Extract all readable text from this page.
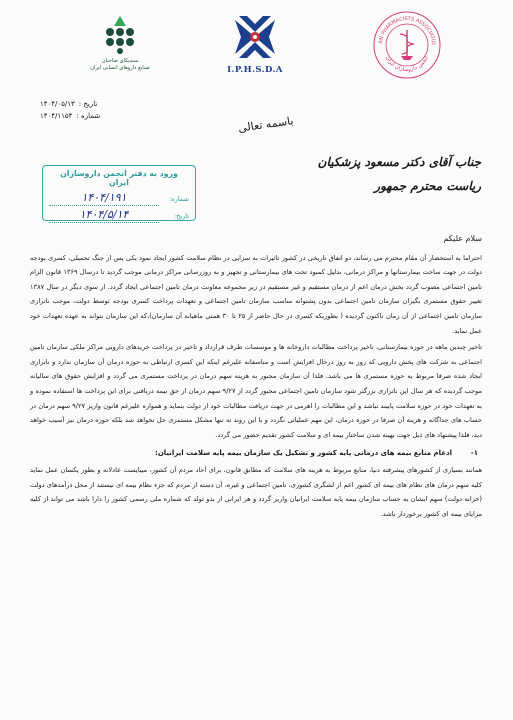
سندیکای صاحبان
صنایع داروهای انسانی ایران	I.P.H.S.D.A
AN PHARMACISTS ASSOCIATIO
انجمن داروسازان ایران
تاریخ :
۱۴۰۴/۰۵/۱۳
شماره :
۱۴۰۴/۱۱۵۴	باسمه تعالی
جناب آقای دکتر مسعود پزشکیان
ریاست محترم جمهور
ورود به دفتر انجمن داروسازان ایران
شماره:
۱۴۰۴/۱۹۱
تاریخ:
۱۴۰۴/۵/۱۴
سلام علیکم

احتراما به استحضار آن مقام محترم می رساند، دو اتفاق تاریخی در کشور تاثیرات به سزایی در نظام سلامت کشور ایجاد نمود یکی پس از جنگ تحمیلی، کسری بودجه دولت در جهت ساخت بیمارستانها و مراکز درمانی، بدلیل کمبود تخت های بیمارستانی و تجهیز و به روزرسانی مراکز درمانی موجب گردید تا درسال ۱۳۶۹ قانون الزام تامین اجتماعی مصوب گردد بخش درمان اعم از درمان مستقیم و غیر مستقیم در زیر مجموعه معاونت درمان تامین اجتماعی ایجاد گردد. از سوی دیگر در سال ۱۳۸۷ تغییر حقوق مستمری بگیران سازمان تامین اجتماعی بدون پشتوانه مناسب سازمان تامین اجتماعی و تعهدات پرداخت کسری بودجه توسط دولت، موجب ناترازی سازمان تامین اجتماعی از آن زمان تاکنون گردیده ( بطوریکه کسری در حال حاضر از ۲۵ تا ۳۰ همتی ماهیانه آن سازمان)،که این سازمان نتواند به عهده تعهدات خود عمل نماید.

تاخیر چندین ماهه در حوزه بیمارستانی، تاخیر پرداخت مطالبات داروخانه ها و موسسات طرف قرارداد و تاخیر در پرداخت خریدهای دارویی مراکز ملکی سازمان تامین اجتماعی به شرکت های پخش دارویی که روز به روز درحال افزایش است و متاسفانه علیرغم اینکه این کسری ارتباطی به حوزه درمان آن سازمان ندارد و ناترازی ایجاد شده صرفا مربوط به حوزه مستمری ها می باشد. فلذا آن سازمان مجبور به هزینه سهم درمان در پرداخت مستمری می گردد و افزایش حقوق های سالیانه موجب گردیده که هر سال این ناترازی بزرگتر شود سازمان تامین اجتماعی مجبور گردد از ۹/۲۷ سهم درمان از حق بیمه دریافتی برای این پرداخت ها استفاده نموده و به تعهدات خود در حوزه سلامت پایبند نباشد و این مطالبات را اهرمی در جهت دریافت مطالبات خود از دولت بنماید و همواره علیرغم قانون واریز ۹/۲۷ سهم درمان در حساب های جداگانه و هزینه آن صرفا در حوزه درمان، این مهم عملیاتی نگردد و با این روند نه تنها مشکل مستمری حل نخواهد شد بلکه حوزه درمان نیز آسیب خواهد دید، فلذا پیشنهاد های ذیل جهت بهینه شدن ساختار بیمه ای و سلامت کشور تقدیم حضور می گردد.

۱-
ادغام منابع بیمه های درمانی پایه کشور و تشکیل یک سازمان بیمه پایه سلامت ایرانیان:

همانند بسیاری از کشورهای پیشرفته دنیا، منابع مربوط به هزینه های سلامت که مطابق قانون، برای آحاد مردم آن کشور، میبایست عادلانه و بطور یکسان عمل نماید کلیه سهم درمان های نظام های بیمه ای کشور اعم از لشگری کشوری، تامین اجتماعی و غیره، آن دسته از مردم که جزء نظام بیمه ای نیستند از محل درآمدهای دولت (خزانه دولت) سهم ایشان به حساب سازمان بیمه پایه سلامت ایرانیان واریز گردد و هر ایرانی از بدو تولد که شماره ملی رسمی کشور را دارا باشد می تواند از کلیه مزایای بیمه ای کشور برخوردار باشد.
